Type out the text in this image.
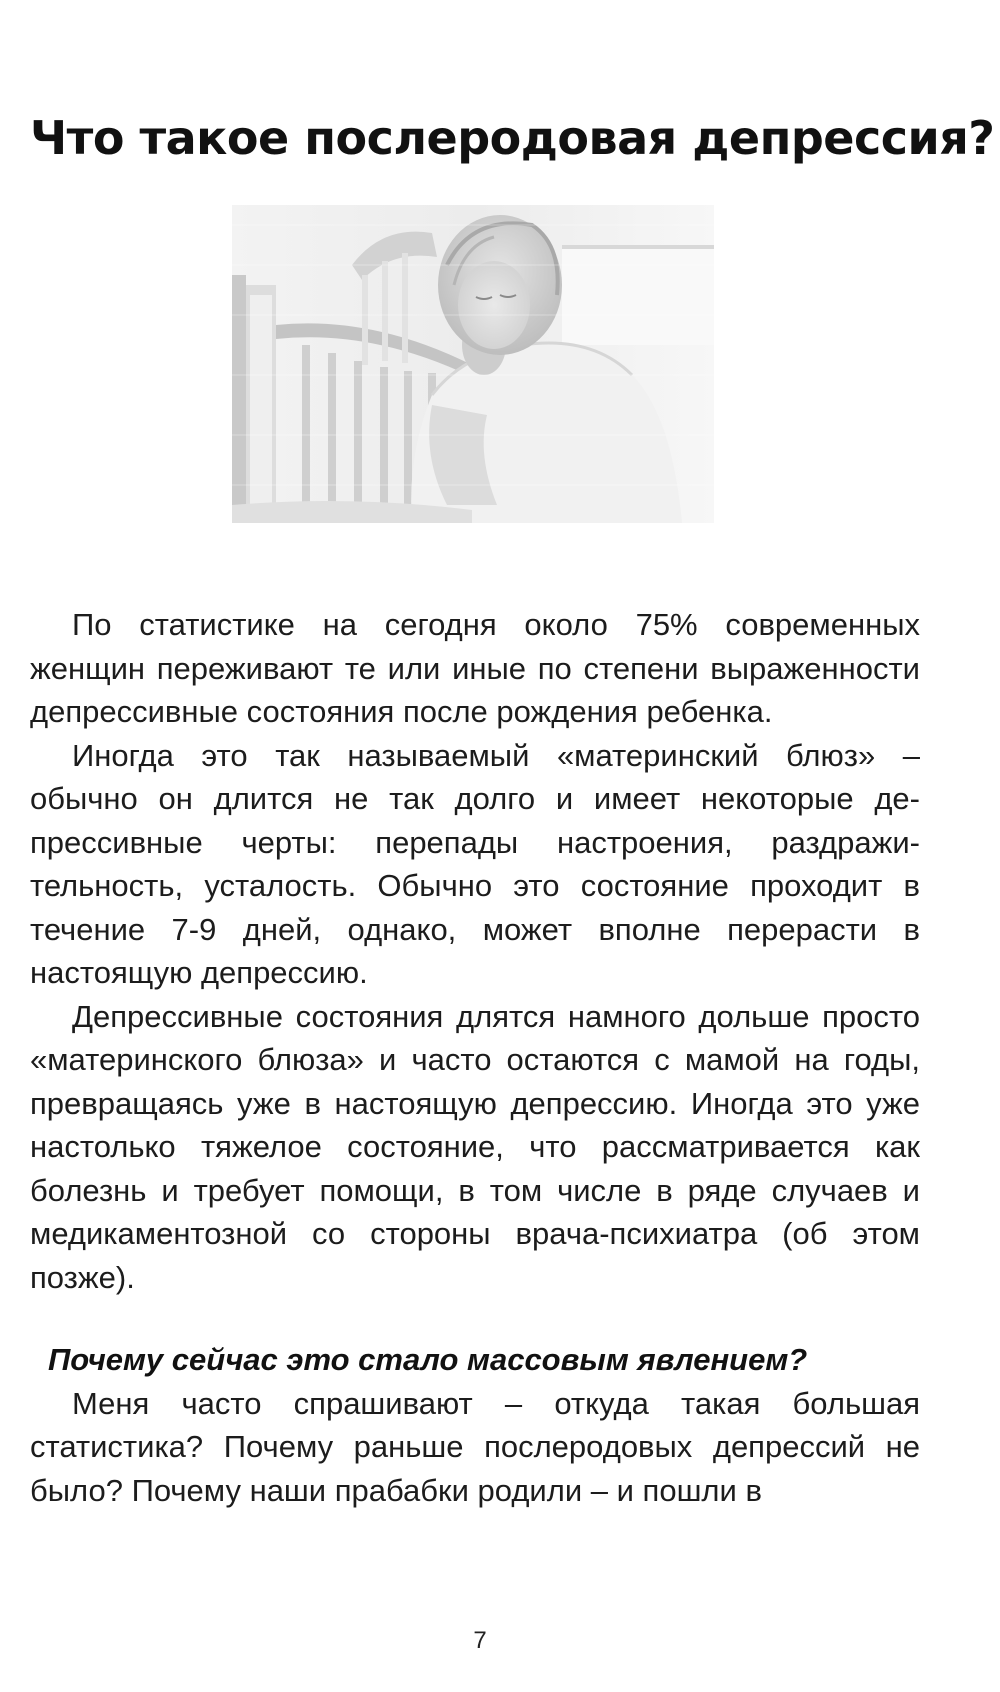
Что такое послеродовая депрессия?

По статистике на сегодня около 75% современных женщин переживают те или иные по степени выраженности депрессивные состояния после рождения ребенка.

Иногда это так называемый «материнский блюз» – обычно он длится не так долго и имеет некоторые депрессивные черты: перепады настроения, раздражительность, усталость. Обычно это состояние проходит в течение 7-9 дней, однако, может вполне перерасти в настоящую депрессию.

Депрессивные состояния длятся намного дольше просто «материнского блюза» и часто остаются с мамой на годы, превращаясь уже в настоящую депрессию. Иногда это уже настолько тяжелое состояние, что рассматривается как болезнь и требует помощи, в том числе в ряде случаев и медикаментозной со стороны врача-психиатра (об этом позже).

Почему сейчас это стало массовым явлением?

Меня часто спрашивают – откуда такая большая статистика? Почему раньше послеродовых депрессий не было? Почему наши прабабки родили – и пошли в

7
